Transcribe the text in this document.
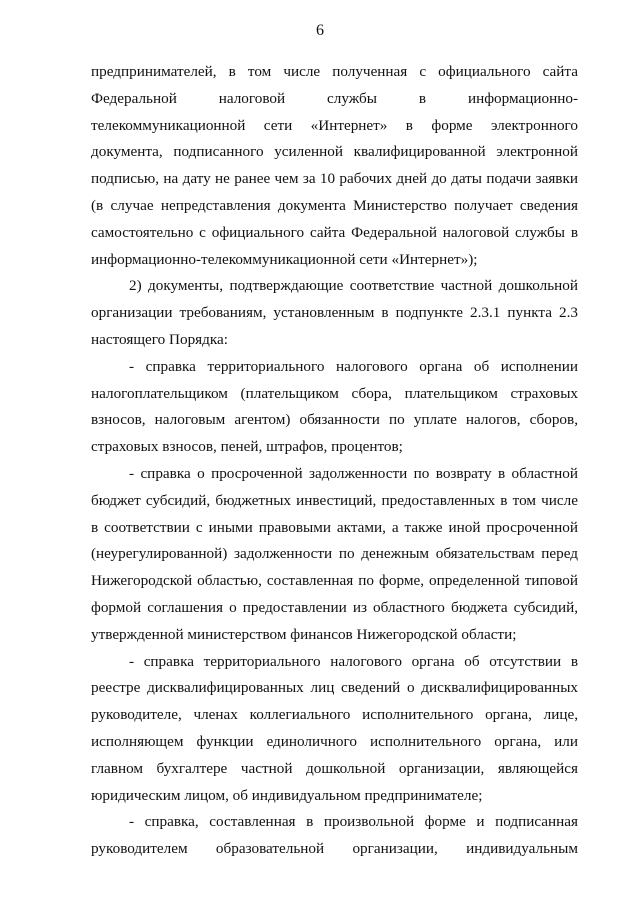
6

предпринимателей, в том числе полученная с официального сайта Федеральной налоговой службы в информационно-телекоммуникационной сети «Интернет» в форме электронного документа, подписанного усиленной квалифицированной электронной подписью, на дату не ранее чем за 10 рабочих дней до даты подачи заявки (в случае непредставления документа Министерство получает сведения самостоятельно с официального сайта Федеральной налоговой службы в информационно-телекоммуникационной сети «Интернет»);

2) документы, подтверждающие соответствие частной дошкольной организации требованиям, установленным в подпункте 2.3.1 пункта 2.3 настоящего Порядка:

- справка территориального налогового органа об исполнении налогоплательщиком (плательщиком сбора, плательщиком страховых взносов, налоговым агентом) обязанности по уплате налогов, сборов, страховых взносов, пеней, штрафов, процентов;

- справка о просроченной задолженности по возврату в областной бюджет субсидий, бюджетных инвестиций, предоставленных в том числе в соответствии с иными правовыми актами, а также иной просроченной (неурегулированной) задолженности по денежным обязательствам перед Нижегородской областью, составленная по форме, определенной типовой формой соглашения о предоставлении из областного бюджета субсидий, утвержденной министерством финансов Нижегородской области;

- справка территориального налогового органа об отсутствии в реестре дисквалифицированных лиц сведений о дисквалифицированных руководителе, членах коллегиального исполнительного органа, лице, исполняющем функции единоличного исполнительного органа, или главном бухгалтере частной дошкольной организации, являющейся юридическим лицом, об индивидуальном предпринимателе;

- справка, составленная в произвольной форме и подписанная руководителем образовательной организации, индивидуальным
